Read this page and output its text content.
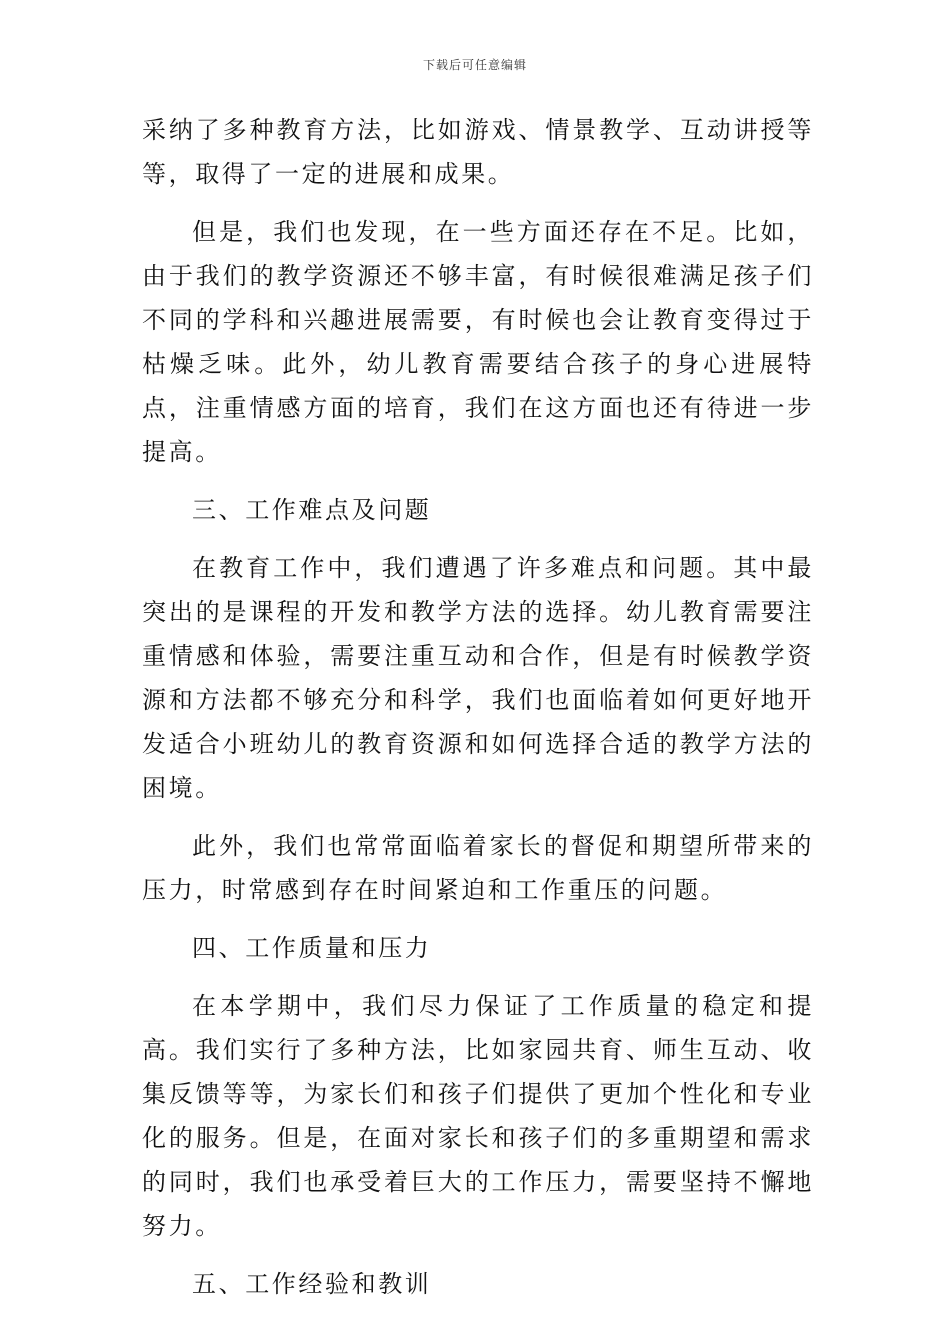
下载后可任意编辑

采纳了多种教育方法，比如游戏、情景教学、互动讲授等等，取得了一定的进展和成果。

但是，我们也发现，在一些方面还存在不足。比如，由于我们的教学资源还不够丰富，有时候很难满足孩子们不同的学科和兴趣进展需要，有时候也会让教育变得过于枯燥乏味。此外，幼儿教育需要结合孩子的身心进展特点，注重情感方面的培育，我们在这方面也还有待进一步提高。

三、工作难点及问题

在教育工作中，我们遭遇了许多难点和问题。其中最突出的是课程的开发和教学方法的选择。幼儿教育需要注重情感和体验，需要注重互动和合作，但是有时候教学资源和方法都不够充分和科学，我们也面临着如何更好地开发适合小班幼儿的教育资源和如何选择合适的教学方法的困境。

此外，我们也常常面临着家长的督促和期望所带来的压力，时常感到存在时间紧迫和工作重压的问题。

四、工作质量和压力

在本学期中，我们尽力保证了工作质量的稳定和提高。我们实行了多种方法，比如家园共育、师生互动、收集反馈等等，为家长们和孩子们提供了更加个性化和专业化的服务。但是，在面对家长和孩子们的多重期望和需求的同时，我们也承受着巨大的工作压力，需要坚持不懈地努力。

五、工作经验和教训
